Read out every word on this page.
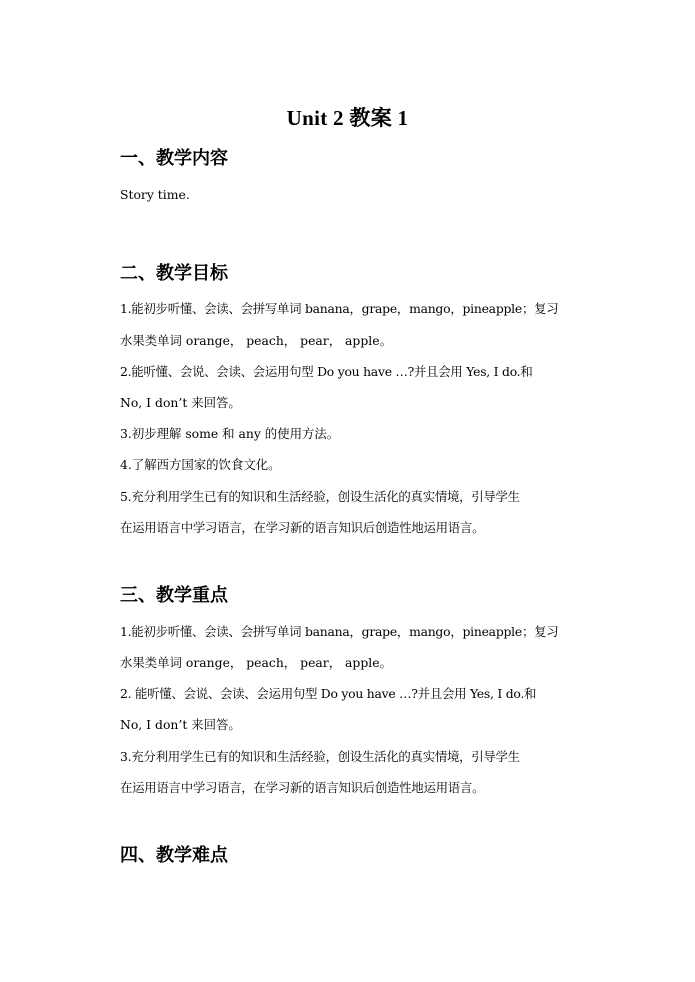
Unit 2 教案 1
一、教学内容
Story time.
二、教学目标
1.能初步听懂、会读、会拼写单词 banana，grape，mango，pineapple；复习
水果类单词 orange， peach， pear， apple。
2.能听懂、会说、会读、会运用句型 Do you have …?并且会用 Yes, I do.和
No, I don’t 来回答。
3.初步理解 some 和 any 的使用方法。
4.了解西方国家的饮食文化。
5.充分利用学生已有的知识和生活经验，创设生活化的真实情境，引导学生
在运用语言中学习语言，在学习新的语言知识后创造性地运用语言。
三、教学重点
1.能初步听懂、会读、会拼写单词 banana，grape，mango，pineapple；复习
水果类单词 orange， peach， pear， apple。
2. 能听懂、会说、会读、会运用句型 Do you have …?并且会用 Yes, I do.和
No, I don’t 来回答。
3.充分利用学生已有的知识和生活经验，创设生活化的真实情境，引导学生
在运用语言中学习语言，在学习新的语言知识后创造性地运用语言。
四、教学难点
